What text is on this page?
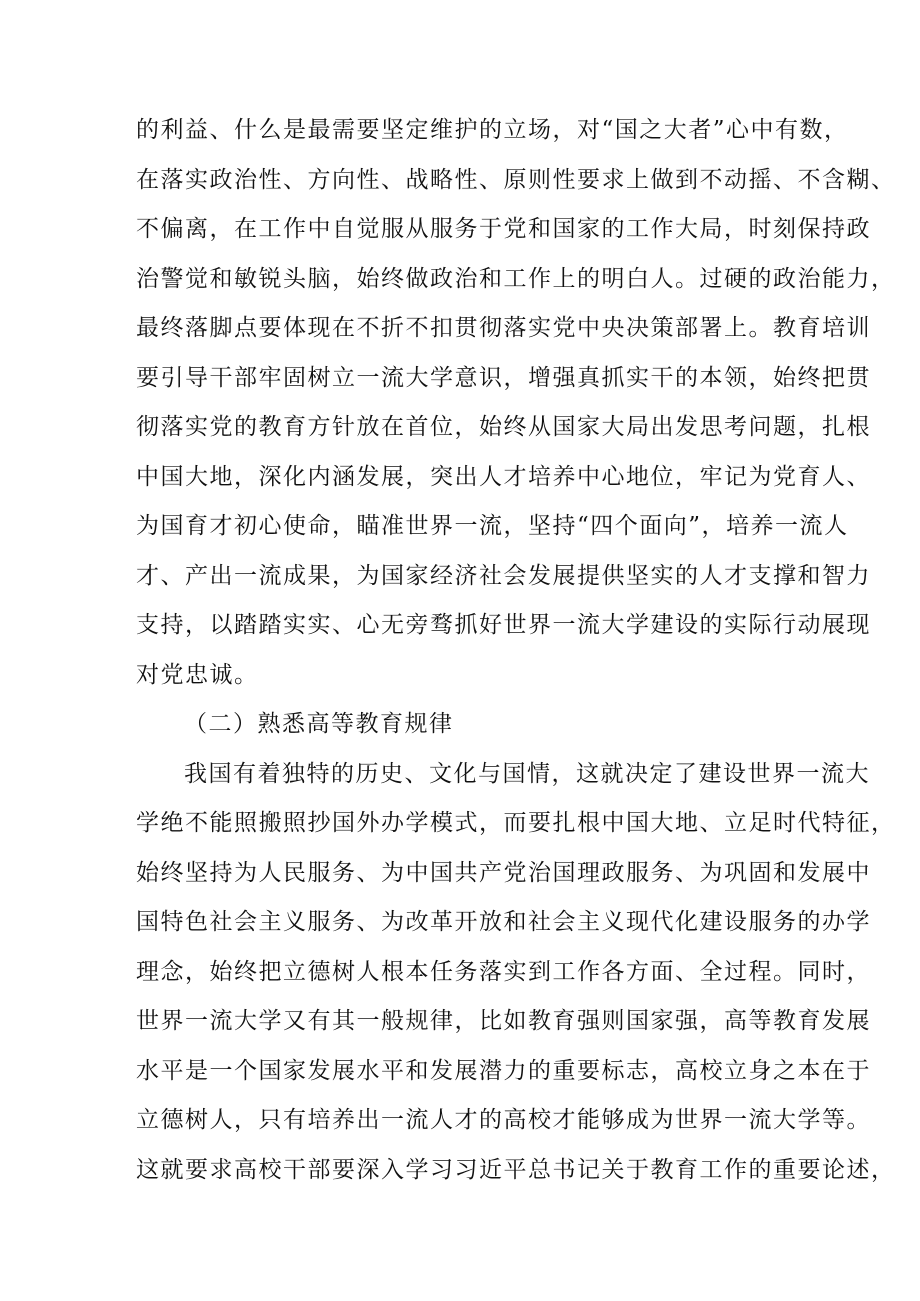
的利益、什么是最需要坚定维护的立场，对“国之大者”心中有数，
在落实政治性、方向性、战略性、原则性要求上做到不动摇、不含糊、
不偏离，在工作中自觉服从服务于党和国家的工作大局，时刻保持政
治警觉和敏锐头脑，始终做政治和工作上的明白人。过硬的政治能力，
最终落脚点要体现在不折不扣贯彻落实党中央决策部署上。教育培训
要引导干部牢固树立一流大学意识，增强真抓实干的本领，始终把贯
彻落实党的教育方针放在首位，始终从国家大局出发思考问题，扎根
中国大地，深化内涵发展，突出人才培养中心地位，牢记为党育人、
为国育才初心使命，瞄准世界一流，坚持“四个面向”，培养一流人
才、产出一流成果，为国家经济社会发展提供坚实的人才支撑和智力
支持，以踏踏实实、心无旁骛抓好世界一流大学建设的实际行动展现
对党忠诚。
（二）熟悉高等教育规律
我国有着独特的历史、文化与国情，这就决定了建设世界一流大
学绝不能照搬照抄国外办学模式，而要扎根中国大地、立足时代特征，
始终坚持为人民服务、为中国共产党治国理政服务、为巩固和发展中
国特色社会主义服务、为改革开放和社会主义现代化建设服务的办学
理念，始终把立德树人根本任务落实到工作各方面、全过程。同时，
世界一流大学又有其一般规律，比如教育强则国家强，高等教育发展
水平是一个国家发展水平和发展潜力的重要标志，高校立身之本在于
立德树人，只有培养出一流人才的高校才能够成为世界一流大学等。
这就要求高校干部要深入学习习近平总书记关于教育工作的重要论述，
